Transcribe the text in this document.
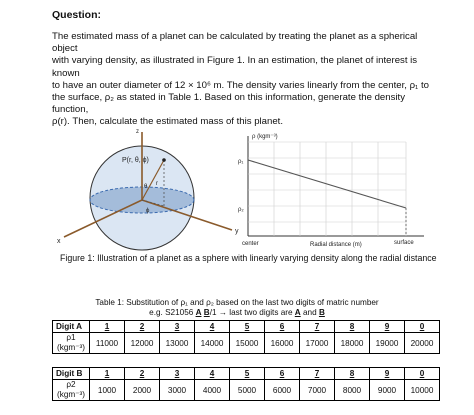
Question:

The estimated mass of a planet can be calculated by treating the planet as a spherical object

with varying density, as illustrated in Figure 1. In an estimation, the planet of interest is known

to have an outer diameter of 12 × 10⁶ m. The density varies linearly from the center, ρ₁ to

the surface, ρ₂ as stated in Table 1. Based on this information, generate the density function,

ρ(r). Then, calculate the estimated mass of this planet.

P(r, θ, ϕ)
z
y
x
r
θ
ϕ
ρ (kgm⁻³)
ρ₁
ρ₂
center	Radial distance (m)	surface
Figure 1: Illustration of a planet as a sphere with linearly varying density along the radial distance
Table 1: Substitution of ρ₁ and ρ₂ based on the last two digits of matric number
e.g. S21056 A B/1 → last two digits are A and B
Digit A	1	2	3	4	5	6	7	8	9	0
ρ1
(kgm⁻³)	11000	12000	13000	14000	15000	16000	17000	18000	19000	20000
Digit B	1	2	3	4	5	6	7	8	9	0
ρ2
(kgm⁻³)	1000	2000	3000	4000	5000	6000	7000	8000	9000	10000
